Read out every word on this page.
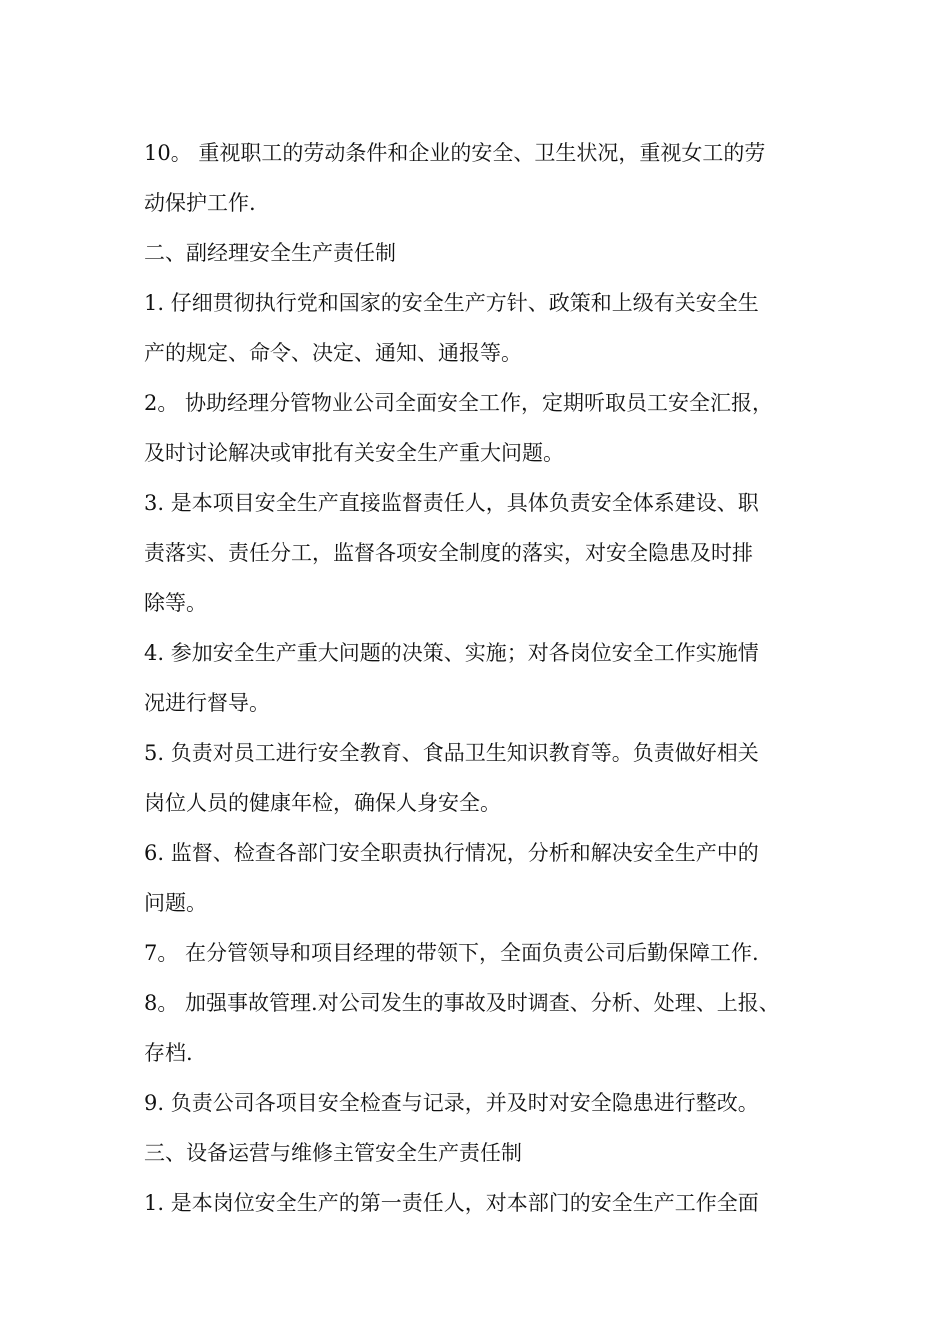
10。 重视职工的劳动条件和企业的安全、卫生状况，重视女工的劳
动保护工作.

二、副经理安全生产责任制

1. 仔细贯彻执行党和国家的安全生产方针、政策和上级有关安全生
产的规定、命令、决定、通知、通报等。

2。 协助经理分管物业公司全面安全工作，定期听取员工安全汇报，
及时讨论解决或审批有关安全生产重大问题。

3. 是本项目安全生产直接监督责任人，具体负责安全体系建设、职
责落实、责任分工，监督各项安全制度的落实，对安全隐患及时排
除等。

4. 参加安全生产重大问题的决策、实施；对各岗位安全工作实施情
况进行督导。

5. 负责对员工进行安全教育、食品卫生知识教育等。负责做好相关
岗位人员的健康年检，确保人身安全。

6. 监督、检查各部门安全职责执行情况，分析和解决安全生产中的
问题。

7。 在分管领导和项目经理的带领下，全面负责公司后勤保障工作.

8。 加强事故管理.对公司发生的事故及时调查、分析、处理、上报、
存档.

9. 负责公司各项目安全检查与记录，并及时对安全隐患进行整改。

三、设备运营与维修主管安全生产责任制

1. 是本岗位安全生产的第一责任人，对本部门的安全生产工作全面
